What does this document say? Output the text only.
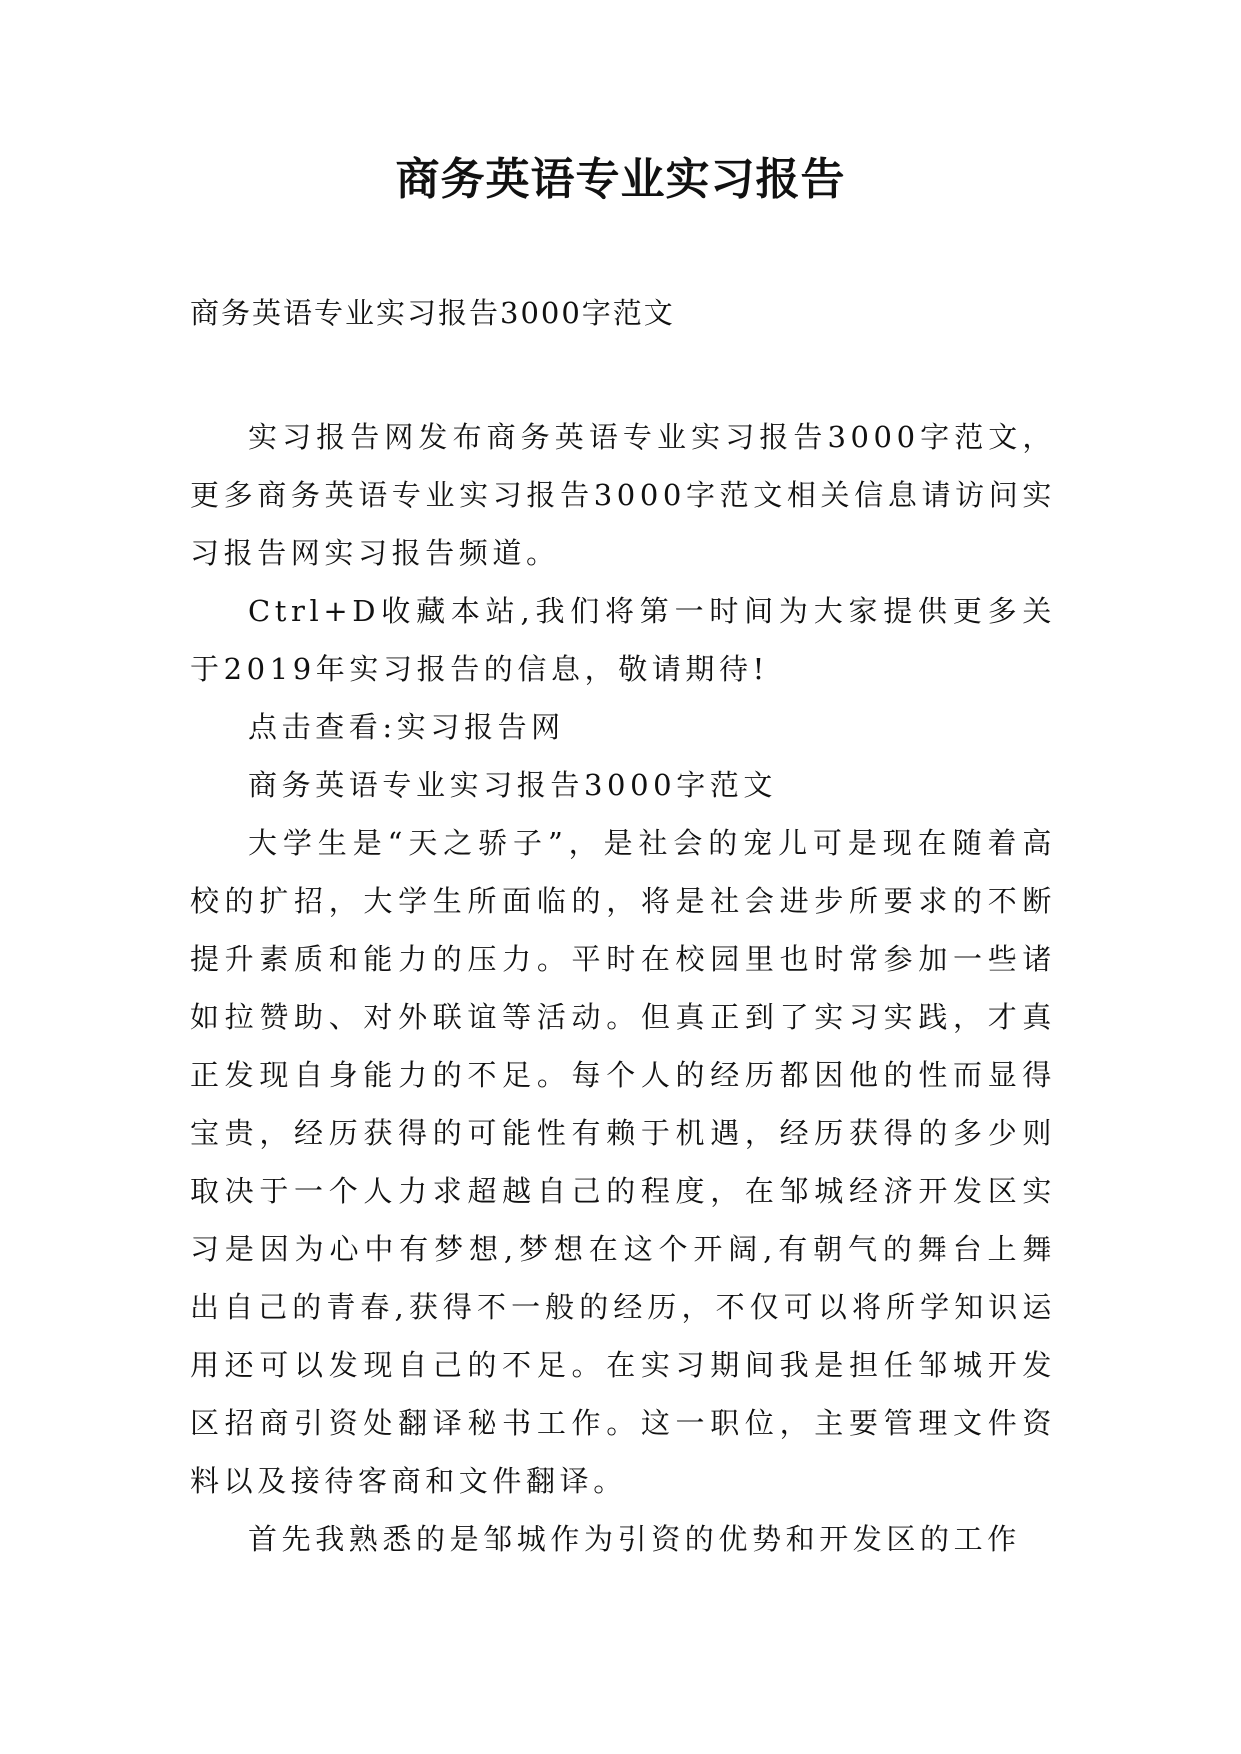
商务英语专业实习报告
商务英语专业实习报告3000字范文

实习报告网发布商务英语专业实习报告3000字范文，更多商务英语专业实习报告3000字范文相关信息请访问实习报告网实习报告频道。

Ctrl+D收藏本站,我们将第一时间为大家提供更多关于2019年实习报告的信息，敬请期待!

点击查看:实习报告网

商务英语专业实习报告3000字范文

大学生是“天之骄子”，是社会的宠儿可是现在随着高校的扩招，大学生所面临的，将是社会进步所要求的不断提升素质和能力的压力。平时在校园里也时常参加一些诸如拉赞助、对外联谊等活动。但真正到了实习实践，才真正发现自身能力的不足。每个人的经历都因他的性而显得宝贵，经历获得的可能性有赖于机遇，经历获得的多少则取决于一个人力求超越自己的程度，在邹城经济开发区实习是因为心中有梦想,梦想在这个开阔,有朝气的舞台上舞出自己的青春,获得不一般的经历，不仅可以将所学知识运用还可以发现自己的不足。在实习期间我是担任邹城开发区招商引资处翻译秘书工作。这一职位，主要管理文件资料以及接待客商和文件翻译。

首先我熟悉的是邹城作为引资的优势和开发区的工作
